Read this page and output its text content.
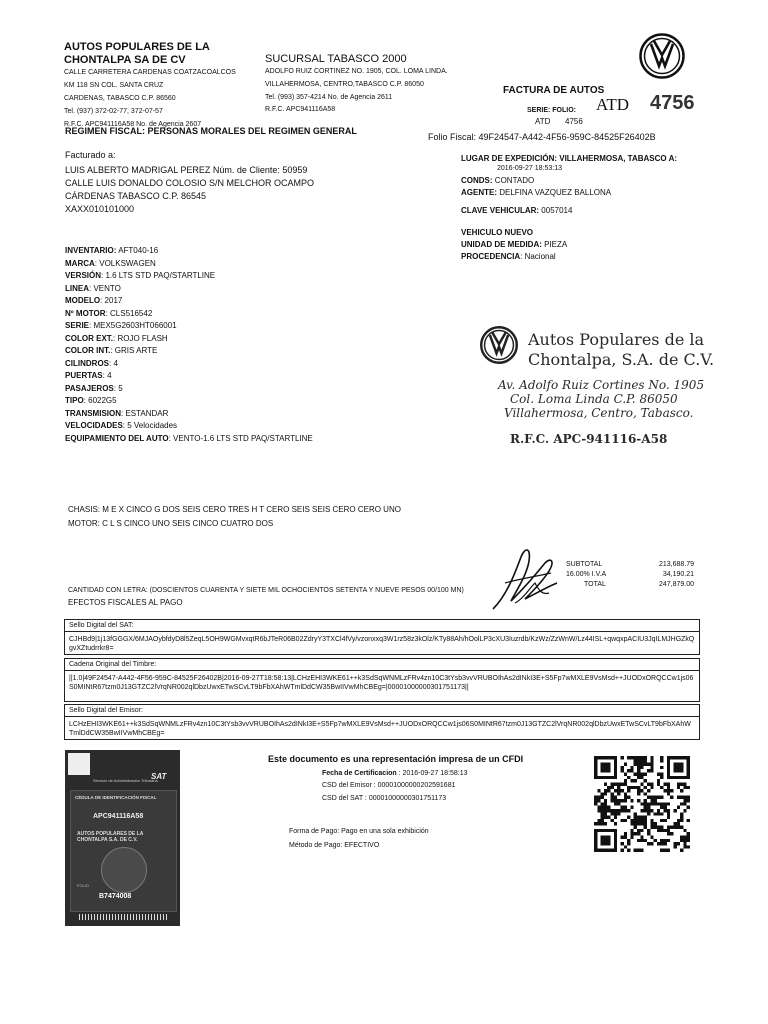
AUTOS POPULARES DE LA
CHONTALPA SA DE CV
CALLE CARRETERA CARDENAS COATZACOALCOS
KM 118 SN COL. SANTA CRUZ
CARDENAS, TABASCO C.P. 86560
Tel. (937) 372-02-77, 372-07-57
R.F.C. APC941116A58 No. de Agencia 2607
SUCURSAL TABASCO 2000
ADOLFO RUIZ CORTINEZ NO. 1905, COL. LOMA LINDA.
VILLAHERMOSA, CENTRO,TABASCO C.P. 86050
Tel. (993) 357-4214 No. de Agencia 2611
R.F.C. APC941116A58
FACTURA DE AUTOS
SERIE: FOLIO: ATD 4756
ATD 4756
Folio Fiscal: 49F24547-A442-4F56-959C-84525F26402B
REGIMEN FISCAL: PERSONAS MORALES DEL REGIMEN GENERAL
Facturado a:
LUIS ALBERTO MADRIGAL PEREZ Núm. de Cliente: 50959
CALLE LUIS DONALDO COLOSIO S/N MELCHOR OCAMPO
CÁRDENAS TABASCO C.P. 86545
XAXX010101000
LUGAR DE EXPEDICIÓN: VILLAHERMOSA, TABASCO A:
2016-09-27 18:53:13
CONDS: CONTADO
AGENTE: DELFINA VAZQUEZ BALLONA
CLAVE VEHICULAR: 0057014
VEHICULO NUEVO
UNIDAD DE MEDIDA: PIEZA
PROCEDENCIA: Nacional
INVENTARIO: AFT040-16
MARCA: VOLKSWAGEN
VERSIÓN: 1.6 LTS STD PAQ/STARTLINE
LINEA: VENTO
MODELO: 2017
Nº MOTOR: CLS516542
SERIE: MEX5G2603HT066001
COLOR EXT.: ROJO FLASH
COLOR INT.: GRIS ARTE
CILINDROS: 4
PUERTAS: 4
PASAJEROS: 5
TIPO: 6022G5
TRANSMISION: ESTANDAR
VELOCIDADES: 5 Velocidades
EQUIPAMIENTO DEL AUTO: VENTO-1.6 LTS STD PAQ/STARTLINE
Autos Populares de la
Chontalpa, S.A. de C.V.
Av. Adolfo Ruiz Cortines No. 1905
Col. Loma Linda C.P. 86050
Villahermosa, Centro, Tabasco.
R.F.C. APC-941116-A58
CHASIS: M E X CINCO G DOS SEIS CERO TRES H T CERO SEIS SEIS CERO CERO UNO
MOTOR: C L S CINCO UNO SEIS CINCO CUATRO DOS
SUBTOTAL	213,688.79
16.00% I.V.A	34,190.21
TOTAL	247,879.00
CANTIDAD CON LETRA: (DOSCIENTOS CUARENTA Y SIETE MIL OCHOCIENTOS SETENTA Y NUEVE PESOS 00/100 MN)
EFECTOS FISCALES AL PAGO
Sello Digital del SAT:
CJHBd9|1j13fGGGX/6MJAOybfdyD8l5ZeqL5OH9WGMvxqtR6bJTeR06B02ZdryY3TXCl4fVy/vzonxxq3W1rz58z3kOlz/KTy88Ah/hOolLP3cXU3Iuzrdb/KzWz/ZzWnW/Lz44ISL+qwqxpACIU3JqILMJHGZkQgvXZtudrrkr8=
Cadena Original del Timbre:
||1.0|49F24547-A442-4F56-959C-84525F26402B|2016-09-27T18:58:13|LCHzEHI3WKE61++k3SdSqWNMLzFRv4zn10C3tYsb3vvVRUBOIhAs2dINkI3E+S5Fp7wMXLE9VsMsd++JUODxORQCCw1js06S0MINtR67tzm0J13GTZC2lVrqNR002qlDbzUwxETwSCvLT9bFbXAhWTmlDdCW35BwIIVwMhCBEg=|00001000000301751173||
Sello Digital del Emisor:
LCHzEHI3WKE61++k3SdSqWNMLzFRv4zn10C3tYsb3vvVRUBOIhAs2dINkI3E+S5Fp7wMXLE9VsMsd++JUODxORQCCw1js06S0MINtR67tzm0J13GTZC2lVrqNR002qlDbzUwxETwSCvLT9bFbXAhWTmlDdCW35BwIIVwMhCBEg=
Servicio de Administración Tributaria
CÉDULA DE IDENTIFICACIÓN FISCAL
APC941116A58
AUTOS POPULARES DE LA CHONTALPA S.A. DE C.V.
FOLIO
B7474008
SAT
Este documento es una representación impresa de un CFDI
Fecha de Certificacion : 2016-09-27 18:58:13
CSD del Emisor : 00001000000202591681
CSD del SAT : 00001000000301751173
Forma de Pago: Pago en una sola exhibición
Método de Pago: EFECTIVO
